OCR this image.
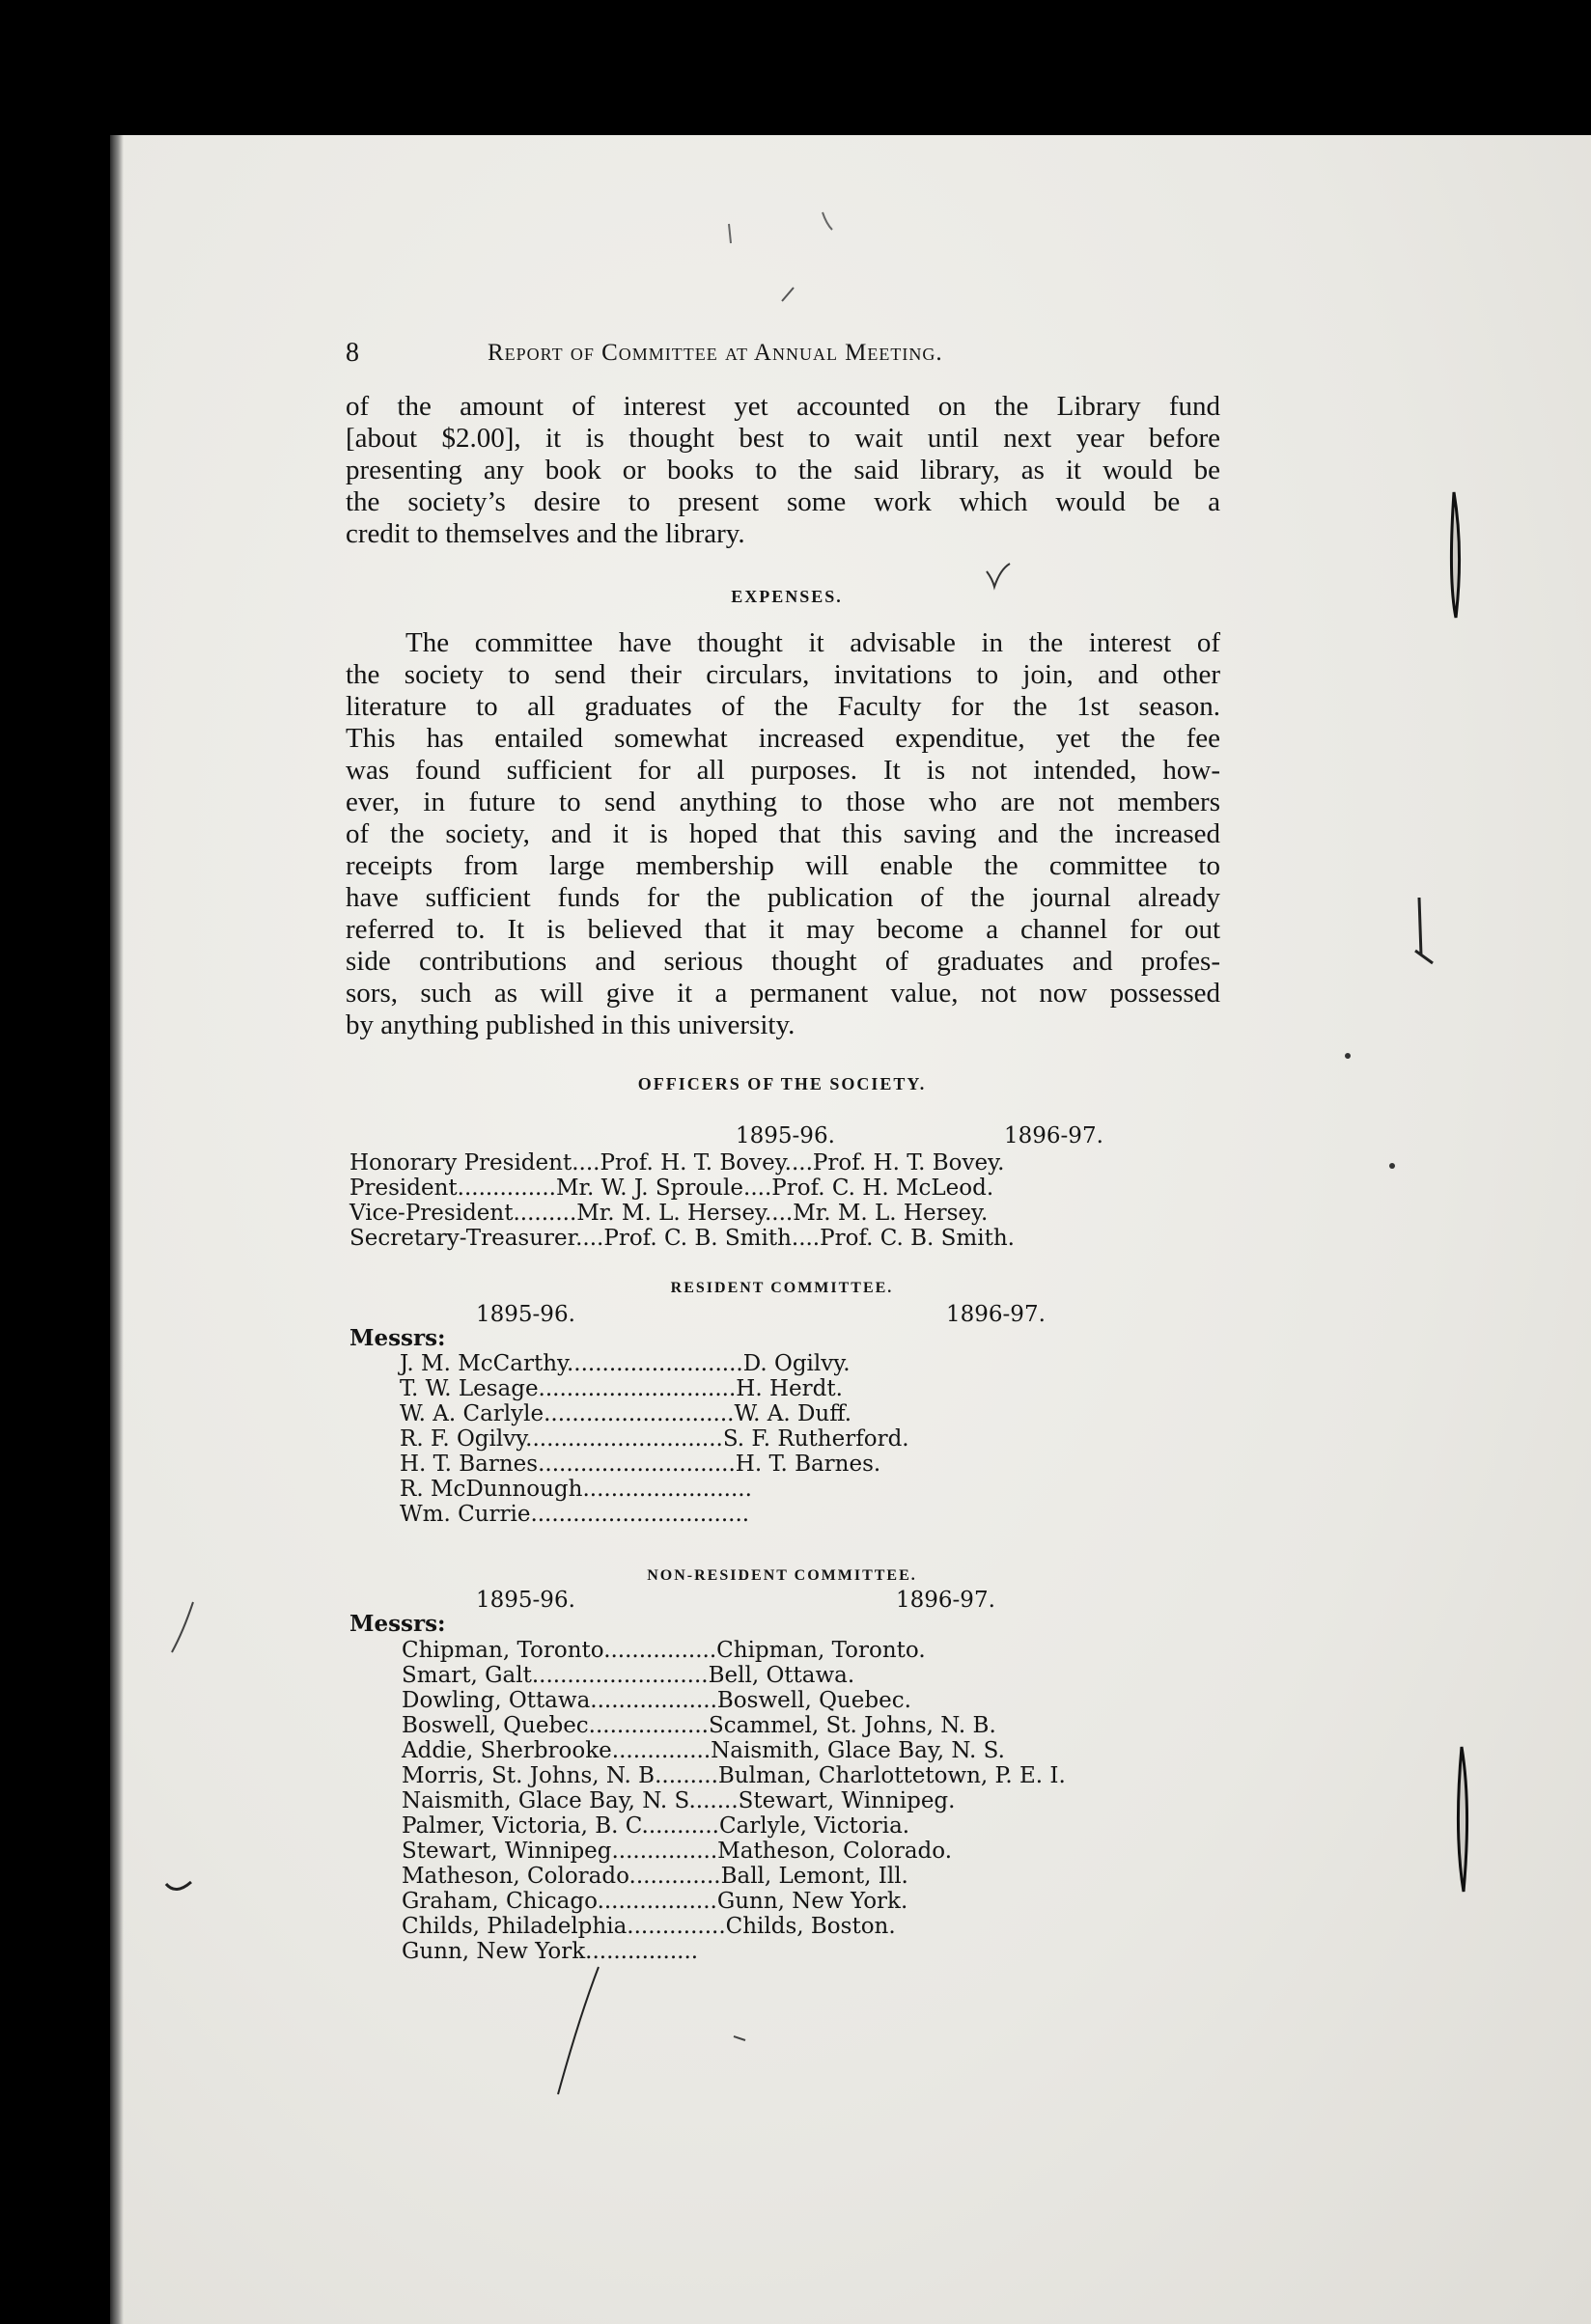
8	Report of Committee at Annual Meeting.
of the amount of interest yet accounted on the Library fund
[about $2.00], it is thought best to wait until next year before
presenting any book or books to the said library, as it would be
the society’s desire to present some work which would be a
credit to themselves and the library.
EXPENSES.
The committee have thought it advisable in the interest of
the society to send their circulars, invitations to join, and other
literature to all graduates of the Faculty for the 1st season.
This has entailed somewhat increased expenditue, yet the fee
was found sufficient for all purposes. It is not intended, how-
ever, in future to send anything to those who are not members
of the society, and it is hoped that this saving and the increased
receipts from large membership will enable the committee to
have sufficient funds for the publication of the journal already
referred to. It is believed that it may become a channel for out
side contributions and serious thought of graduates and profes-
sors, such as will give it a permanent value, not now possessed
by anything published in this university.
OFFICERS OF THE SOCIETY.
1895-96.	1896-97.
Honorary President....Prof. H. T. Bovey....Prof. H. T. Bovey.
President..............Mr. W. J. Sproule....Prof. C. H. McLeod.
Vice-President.........Mr. M. L. Hersey....Mr. M. L. Hersey.
Secretary-Treasurer....Prof. C. B. Smith....Prof. C. B. Smith.
RESIDENT COMMITTEE.
1895-96.	1896-97.
Messrs:
J. M. McCarthy.........................D. Ogilvy.
T. W. Lesage............................H. Herdt.
W. A. Carlyle...........................W. A. Duff.
R. F. Ogilvy............................S. F. Rutherford.
H. T. Barnes............................H. T. Barnes.
R. McDunnough........................
Wm. Currie...............................
NON-RESIDENT COMMITTEE.
1895-96.	1896-97.
Messrs:
Chipman, Toronto................Chipman, Toronto.
Smart, Galt.........................Bell, Ottawa.
Dowling, Ottawa..................Boswell, Quebec.
Boswell, Quebec.................Scammel, St. Johns, N. B.
Addie, Sherbrooke..............Naismith, Glace Bay, N. S.
Morris, St. Johns, N. B.........Bulman, Charlottetown, P. E. I.
Naismith, Glace Bay, N. S.......Stewart, Winnipeg.
Palmer, Victoria, B. C...........Carlyle, Victoria.
Stewart, Winnipeg...............Matheson, Colorado.
Matheson, Colorado.............Ball, Lemont, Ill.
Graham, Chicago.................Gunn, New York.
Childs, Philadelphia..............Childs, Boston.
Gunn, New York................
